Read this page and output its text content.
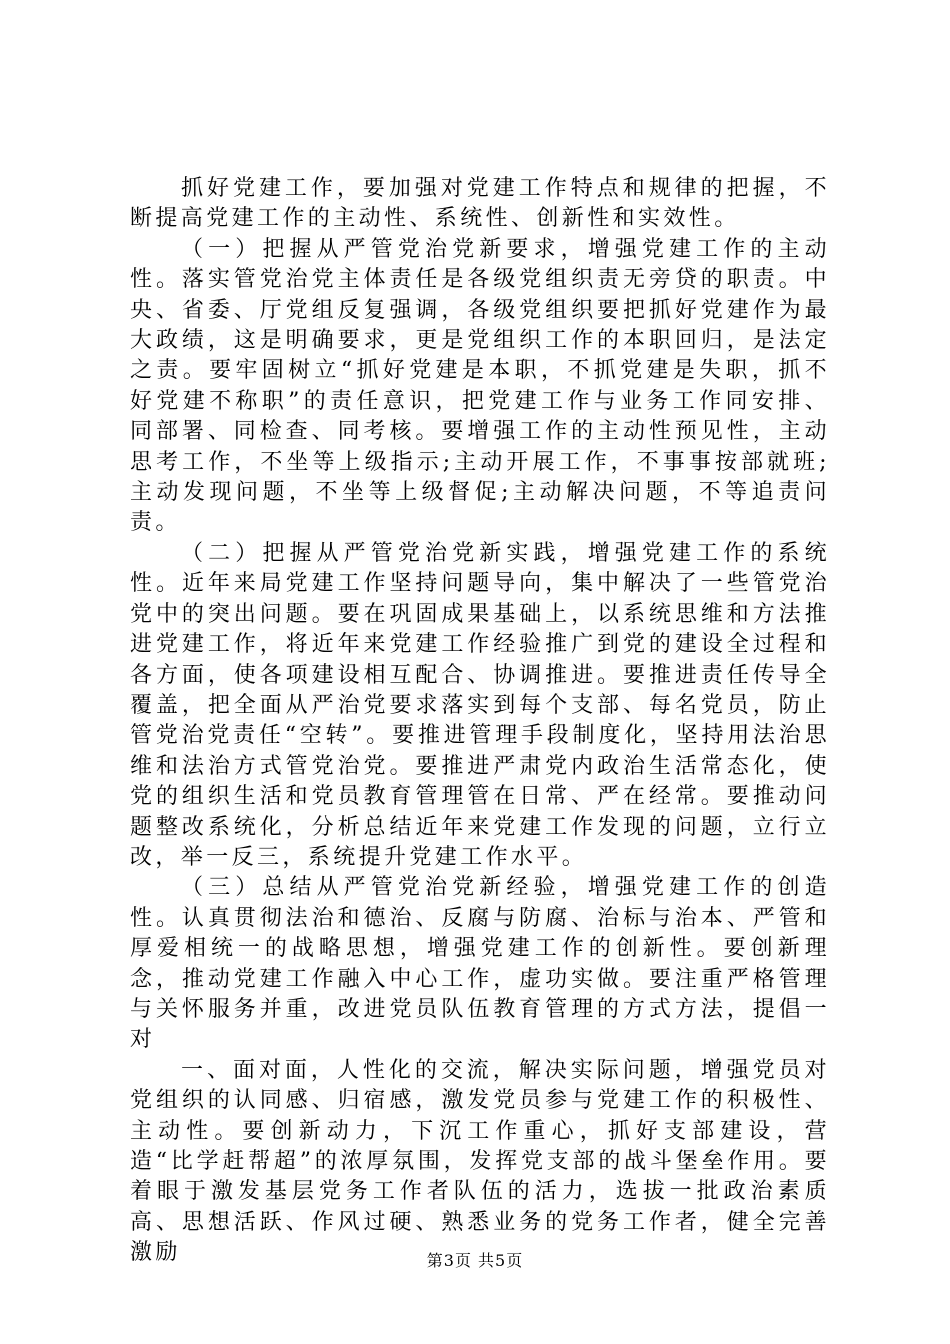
抓好党建工作，要加强对党建工作特点和规律的把握，不断提高党建工作的主动性、系统性、创新性和实效性。

（一）把握从严管党治党新要求，增强党建工作的主动性。落实管党治党主体责任是各级党组织责无旁贷的职责。中央、省委、厅党组反复强调，各级党组织要把抓好党建作为最大政绩，这是明确要求，更是党组织工作的本职回归，是法定之责。要牢固树立“抓好党建是本职，不抓党建是失职，抓不好党建不称职”的责任意识，把党建工作与业务工作同安排、同部署、同检查、同考核。要增强工作的主动性预见性，主动思考工作，不坐等上级指示;主动开展工作，不事事按部就班;主动发现问题，不坐等上级督促;主动解决问题，不等追责问责。

（二）把握从严管党治党新实践，增强党建工作的系统性。近年来局党建工作坚持问题导向，集中解决了一些管党治党中的突出问题。要在巩固成果基础上，以系统思维和方法推进党建工作，将近年来党建工作经验推广到党的建设全过程和各方面，使各项建设相互配合、协调推进。要推进责任传导全覆盖，把全面从严治党要求落实到每个支部、每名党员，防止管党治党责任“空转”。要推进管理手段制度化，坚持用法治思维和法治方式管党治党。要推进严肃党内政治生活常态化，使党的组织生活和党员教育管理管在日常、严在经常。要推动问题整改系统化，分析总结近年来党建工作发现的问题，立行立改，举一反三，系统提升党建工作水平。

（三）总结从严管党治党新经验，增强党建工作的创造性。认真贯彻法治和德治、反腐与防腐、治标与治本、严管和厚爱相统一的战略思想，增强党建工作的创新性。要创新理念，推动党建工作融入中心工作，虚功实做。要注重严格管理与关怀服务并重，改进党员队伍教育管理的方式方法，提倡一对

一、面对面，人性化的交流，解决实际问题，增强党员对党组织的认同感、归宿感，激发党员参与党建工作的积极性、主动性。要创新动力，下沉工作重心，抓好支部建设，营造“比学赶帮超”的浓厚氛围，发挥党支部的战斗堡垒作用。要着眼于激发基层党务工作者队伍的活力，选拔一批政治素质高、思想活跃、作风过硬、熟悉业务的党务工作者，健全完善激励	第3页 共5页
